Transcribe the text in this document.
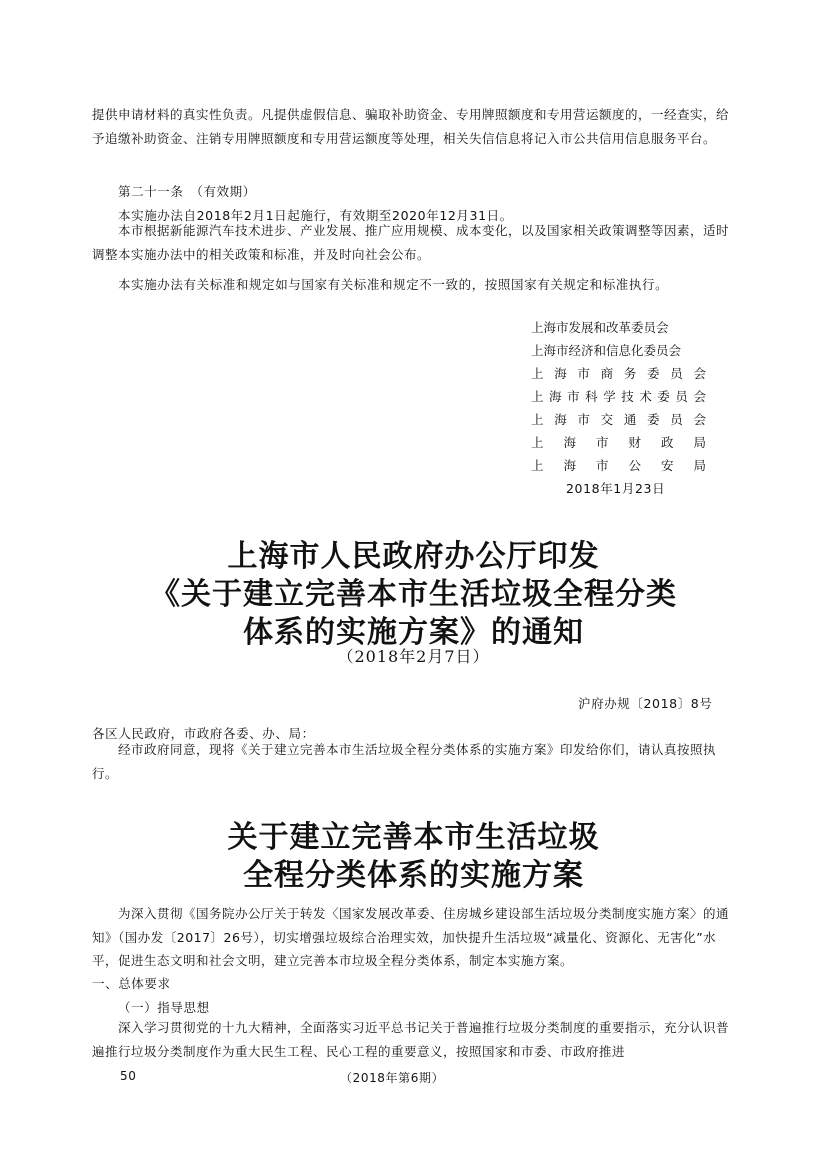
提供申请材料的真实性负责。凡提供虚假信息、骗取补助资金、专用牌照额度和专用营运额度的，一经查实，给予追缴补助资金、注销专用牌照额度和专用营运额度等处理，相关失信信息将记入市公共信用信息服务平台。

第二十一条　（有效期）
本实施办法自2018年2月1日起施行，有效期至2020年12月31日。

本市根据新能源汽车技术进步、产业发展、推广应用规模、成本变化，以及国家相关政策调整等因素，适时调整本实施办法中的相关政策和标准，并及时向社会公布。

本实施办法有关标准和规定如与国家有关标准和规定不一致的，按照国家有关规定和标准执行。
上海市发展和改革委员会
上海市经济和信息化委员会
上海市商务委员会
上海市科学技术委员会
上海市交通委员会
上海市财政局
上海市公安局
2018年1月23日
上海市人民政府办公厅印发
《关于建立完善本市生活垃圾全程分类
体系的实施方案》的通知
（2018年2月7日）
沪府办规〔2018〕8号
各区人民政府，市政府各委、办、局：

经市政府同意，现将《关于建立完善本市生活垃圾全程分类体系的实施方案》印发给你们，请认真按照执行。

关于建立完善本市生活垃圾
全程分类体系的实施方案

为深入贯彻《国务院办公厅关于转发〈国家发展改革委、住房城乡建设部生活垃圾分类制度实施方案〉的通知》（国办发〔2017〕26号），切实增强垃圾综合治理实效，加快提升生活垃圾“减量化、资源化、无害化”水平，促进生态文明和社会文明，建立完善本市垃圾全程分类体系，制定本实施方案。

一、总体要求
（一）指导思想

深入学习贯彻党的十九大精神，全面落实习近平总书记关于普遍推行垃圾分类制度的重要指示，充分认识普遍推行垃圾分类制度作为重大民生工程、民心工程的重要意义，按照国家和市委、市政府推进

50	（2018年第6期）
